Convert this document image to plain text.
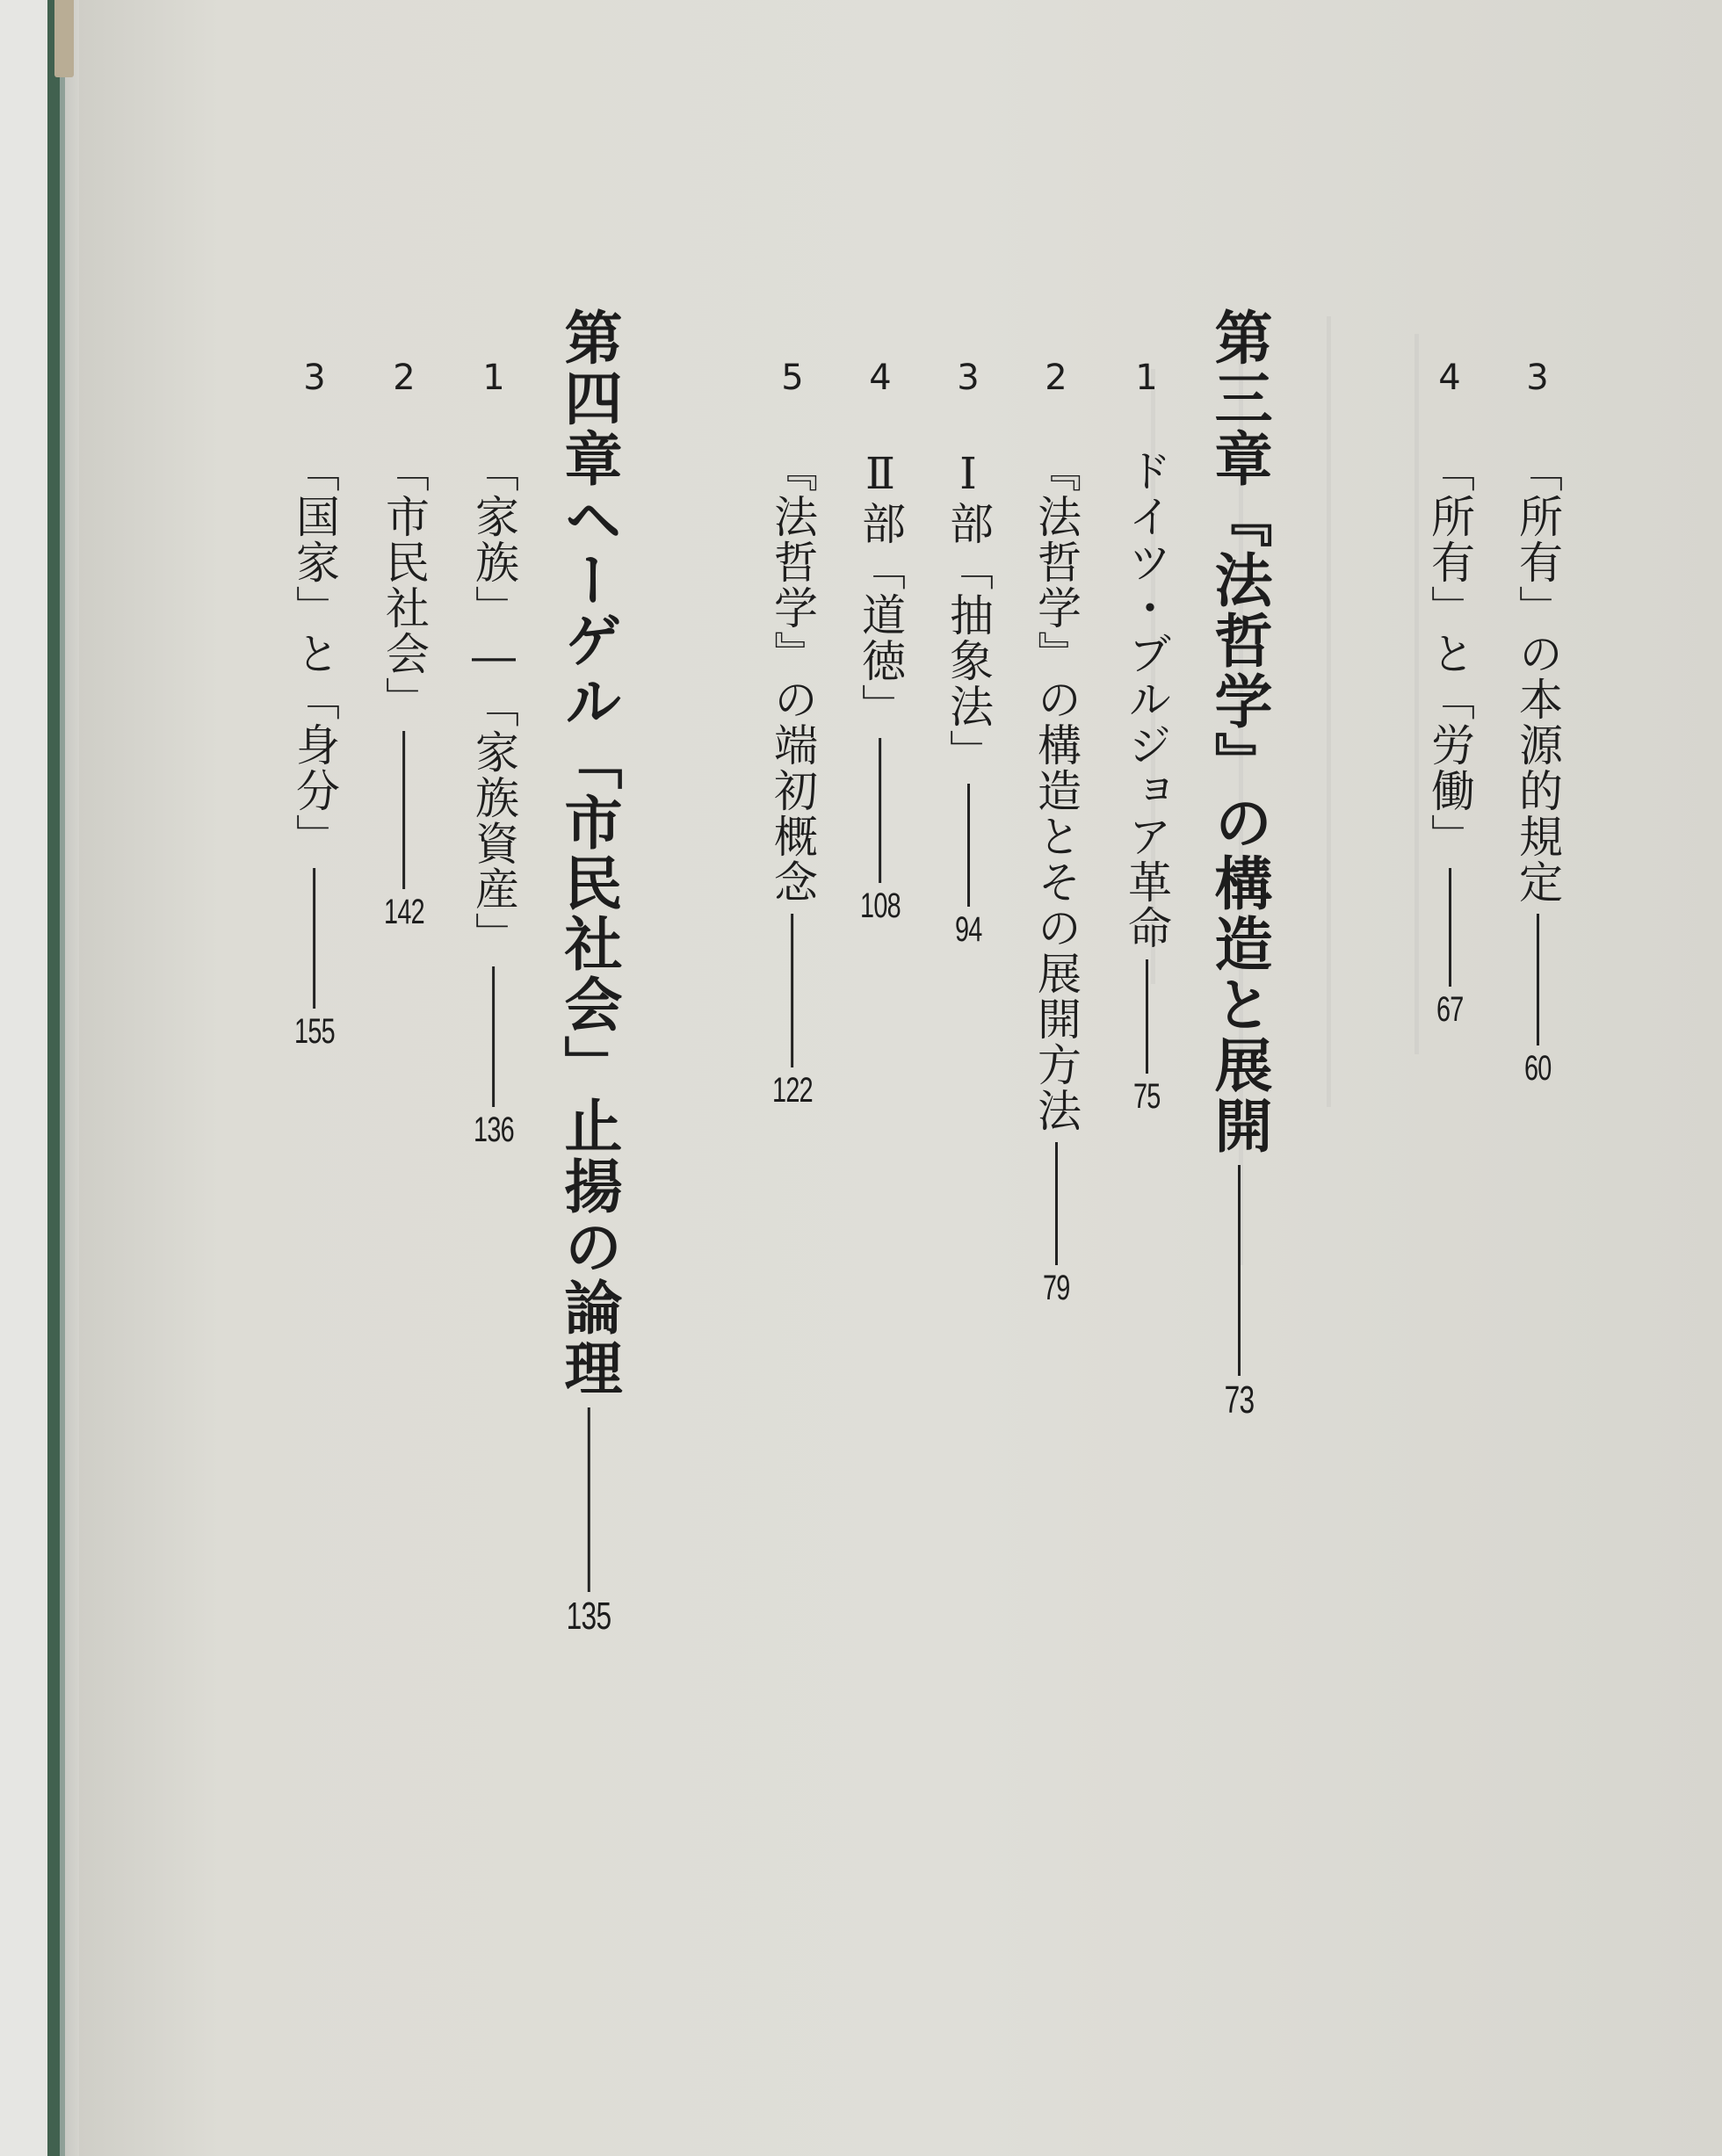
3
「所有」の本源的規定
60
4
「所有」と「労働」
67
第三章『法哲学』の構造と展開
73
1
ドイツ・ブルジョア革命
75
2
『法哲学』の構造とその展開方法
79
3
Ⅰ部「抽象法」
94
4
Ⅱ部「道徳」
108
5
『法哲学』の端初概念
122
第四章ヘーゲル「市民社会」止揚の論理
135
1
「家族」―「家族資産」
136
2
「市民社会」
142
3
「国家」と「身分」
155
